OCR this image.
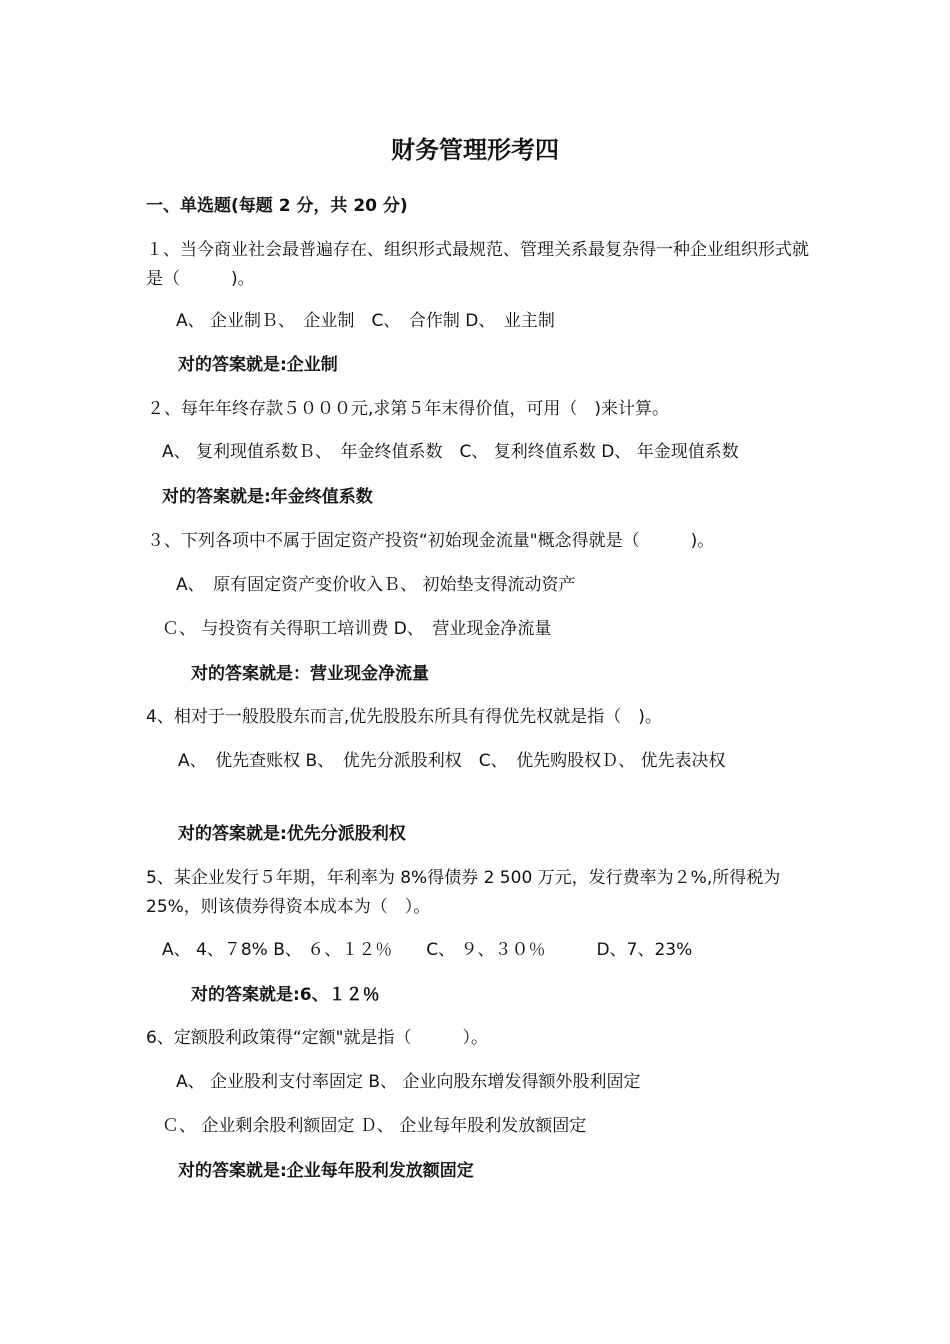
财务管理形考四
一、单选题(每题 2 分，共 20 分)
１、当今商业社会最普遍存在、组织形式最规范、管理关系最复杂得一种企业组织形式就是（　　　)。
A、 企业制Ｂ、　企业制　C、　合作制 D、　业主制
对的答案就是:企业制
２、每年年终存款５０００元,求第５年末得价值，可用（　)来计算。
A、 复利现值系数Ｂ、　年金终值系数　C、 复利终值系数 D、 年金现值系数
对的答案就是:年金终值系数
３、下列各项中不属于固定资产投资“初始现金流量"概念得就是（　　　)。
A、　原有固定资产变价收入Ｂ、 初始垫支得流动资产
Ｃ、 与投资有关得职工培训费 D、　营业现金净流量
对的答案就是：营业现金净流量
4、相对于一般股股东而言,优先股股东所具有得优先权就是指（　)。
A、　优先查账权 B、　优先分派股利权　C、　优先购股权Ｄ、 优先表决权
对的答案就是:优先分派股利权
5、某企业发行５年期，年利率为 8%得债券 2 500 万元，发行费率为２%,所得税为 25%，则该债券得资本成本为（　）。
A、 4、７8% B、 ６、１２％　　C、 ９、３０％　　　D、7、23%
对的答案就是:6、１２％
6、定额股利政策得“定额"就是指（　　　）。
A、 企业股利支付率固定 B、 企业向股东增发得额外股利固定
Ｃ、 企业剩余股利额固定 Ｄ、 企业每年股利发放额固定
对的答案就是:企业每年股利发放额固定
